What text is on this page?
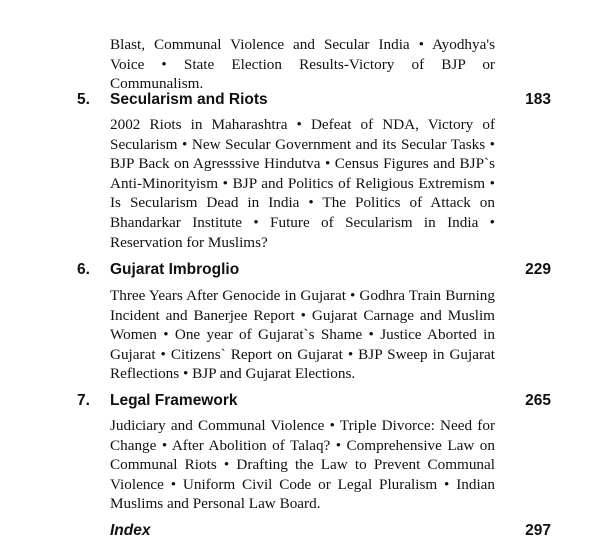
Blast, Communal Violence and Secular India • Ayodhya's Voice • State Election Results-Victory of BJP or Communalism.

5. Secularism and Riots	183

2002 Riots in Maharashtra • Defeat of NDA, Victory of Secularism • New Secular Government and its Secular Tasks • BJP Back on Agresssive Hindutva • Census Figures and BJP`s Anti-Minorityism • BJP and Politics of Religious Extremism • Is Secularism Dead in India • The Politics of Attack on Bhandarkar Institute • Future of Secularism in India • Reservation for Muslims?

6. Gujarat Imbroglio	229

Three Years After Genocide in Gujarat • Godhra Train Burning Incident and Banerjee Report • Gujarat Carnage and Muslim Women • One year of Gujarat`s Shame • Justice Aborted in Gujarat • Citizens` Report on Gujarat • BJP Sweep in Gujarat Reflections • BJP and Gujarat Elections.

7. Legal Framework	265

Judiciary and Communal Violence • Triple Divorce: Need for Change • After Abolition of Talaq? • Comprehensive Law on Communal Riots • Drafting the Law to Prevent Communal Violence • Uniform Civil Code or Legal Pluralism • Indian Muslims and Personal Law Board.

Index	297
